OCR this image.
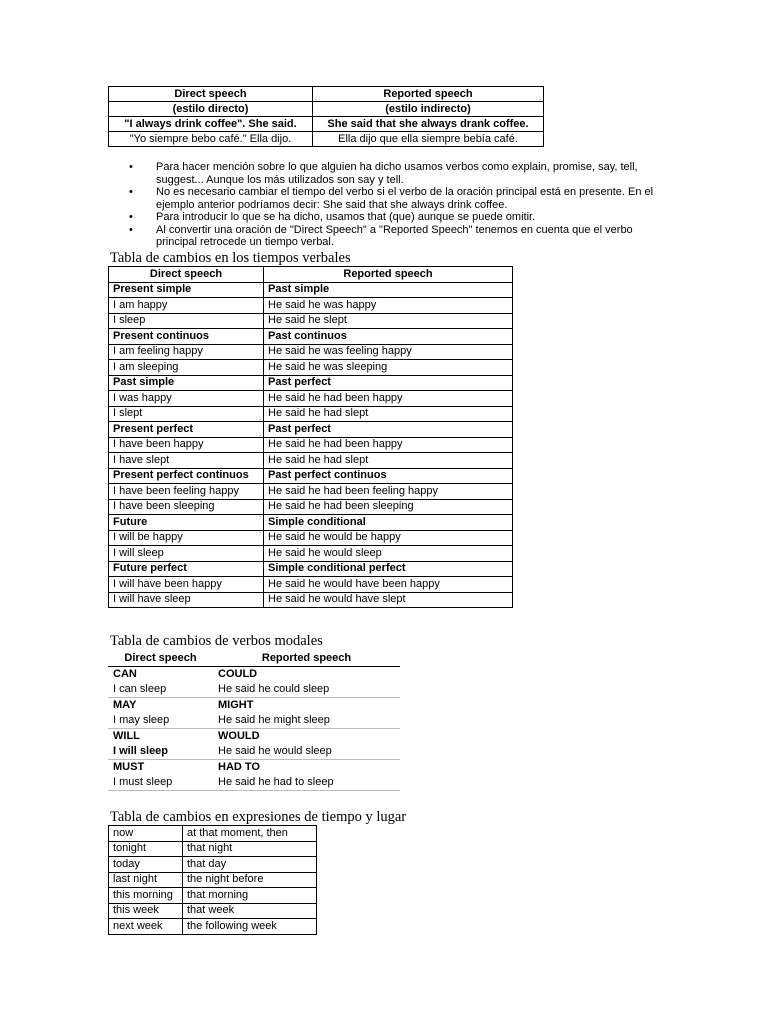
Direct speech	Reported speech
(estilo directo)	(estilo indirecto)
"I always drink coffee". She said.	She said that she always drank coffee.
"Yo siempre bebo café." Ella dijo.	Ella dijo que ella siempre bebía café.
• Para hacer mención sobre lo que alguien ha dicho usamos verbos como explain, promise, say, tell, suggest... Aunque los más utilizados son say y tell.
• No es necesario cambiar el tiempo del verbo si el verbo de la oración principal está en presente. En el ejemplo anterior podríamos decir: She said that she always drink coffee.
• Para introducir lo que se ha dicho, usamos that (que) aunque se puede omitir.
• Al convertir una oración de "Direct Speech" a "Reported Speech" tenemos en cuenta que el verbo principal retrocede un tiempo verbal.
Tabla de cambios en los tiempos verbales
Direct speech	Reported speech
Present simple	Past simple
I am happy	He said he was happy
I sleep	He said he slept
Present continuos	Past continuos
I am feeling happy	He said he was feeling happy
I am sleeping	He said he was sleeping
Past simple	Past perfect
I was happy	He said he had been happy
I slept	He said he had slept
Present perfect	Past perfect
I have been happy	He said he had been happy
I have slept	He said he had slept
Present perfect continuos	Past perfect continuos
I have been feeling happy	He said he had been feeling happy
I have been sleeping	He said he had been sleeping
Future	Simple conditional
I will be happy	He said he would be happy
I will sleep	He said he would sleep
Future perfect	Simple conditional perfect
I will have been happy	He said he would have been happy
I will have sleep	He said he would have slept
Tabla de cambios de verbos modales
Direct speech	Reported speech
CAN	COULD
I can sleep	He said he could sleep
MAY	MIGHT
I may sleep	He said he might sleep
WILL	WOULD
I will sleep	He said he would sleep
MUST	HAD TO
I must sleep	He said he had to sleep
Tabla de cambios en expresiones de tiempo y lugar
now	at that moment, then
tonight	that night
today	that day
last night	the night before
this morning	that morning
this week	that week
next week	the following week
